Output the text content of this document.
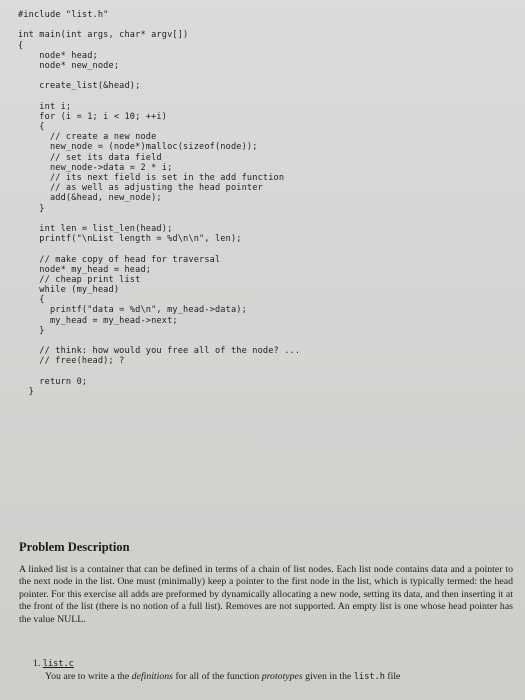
#include "list.h"
int main(int args, char* argv[])
{
node* head;
node* new_node;
create_list(&head);
int i;
for (i = 1; i < 10; ++i)
{
// create a new node
new_node = (node*)malloc(sizeof(node));
// set its data field
new_node->data = 2 * i;
// its next field is set in the add function
// as well as adjusting the head pointer
add(&head, new_node);
}
int len = list_len(head);
printf("\nList length = %d\n\n", len);
// make copy of head for traversal
node* my_head = head;
// cheap print list
while (my_head)
{
printf("data = %d\n", my_head->data);
my_head = my_head->next;
}
// think: how would you free all of the node? ...
// free(head); ?
return 0;
}
Problem Description

A linked list is a container that can be defined in terms of a chain of list nodes. Each list node contains data and a pointer to the next node in the list. One must (minimally) keep a pointer to the first node in the list, which is typically termed: the head pointer. For this exercise all adds are preformed by dynamically allocating a new node, setting its data, and then inserting it at the front of the list (there is no notion of a full list). Removes are not supported. An empty list is one whose head pointer has the value NULL.

1. list.c
You are to write a the definitions for all of the function prototypes given in the list.h file
